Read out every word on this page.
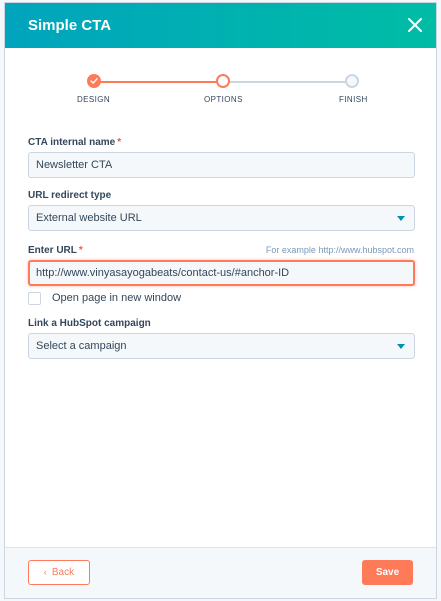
Simple CTA
DESIGN	OPTIONS	FINISH
CTA internal name *
Newsletter CTA
URL redirect type
External website URL
Enter URL *	For example http://www.hubspot.com
http://www.vinyasayogabeats/contact-us/#anchor-ID
Open page in new window
Link a HubSpot campaign
Select a campaign
‹ Back	Save
